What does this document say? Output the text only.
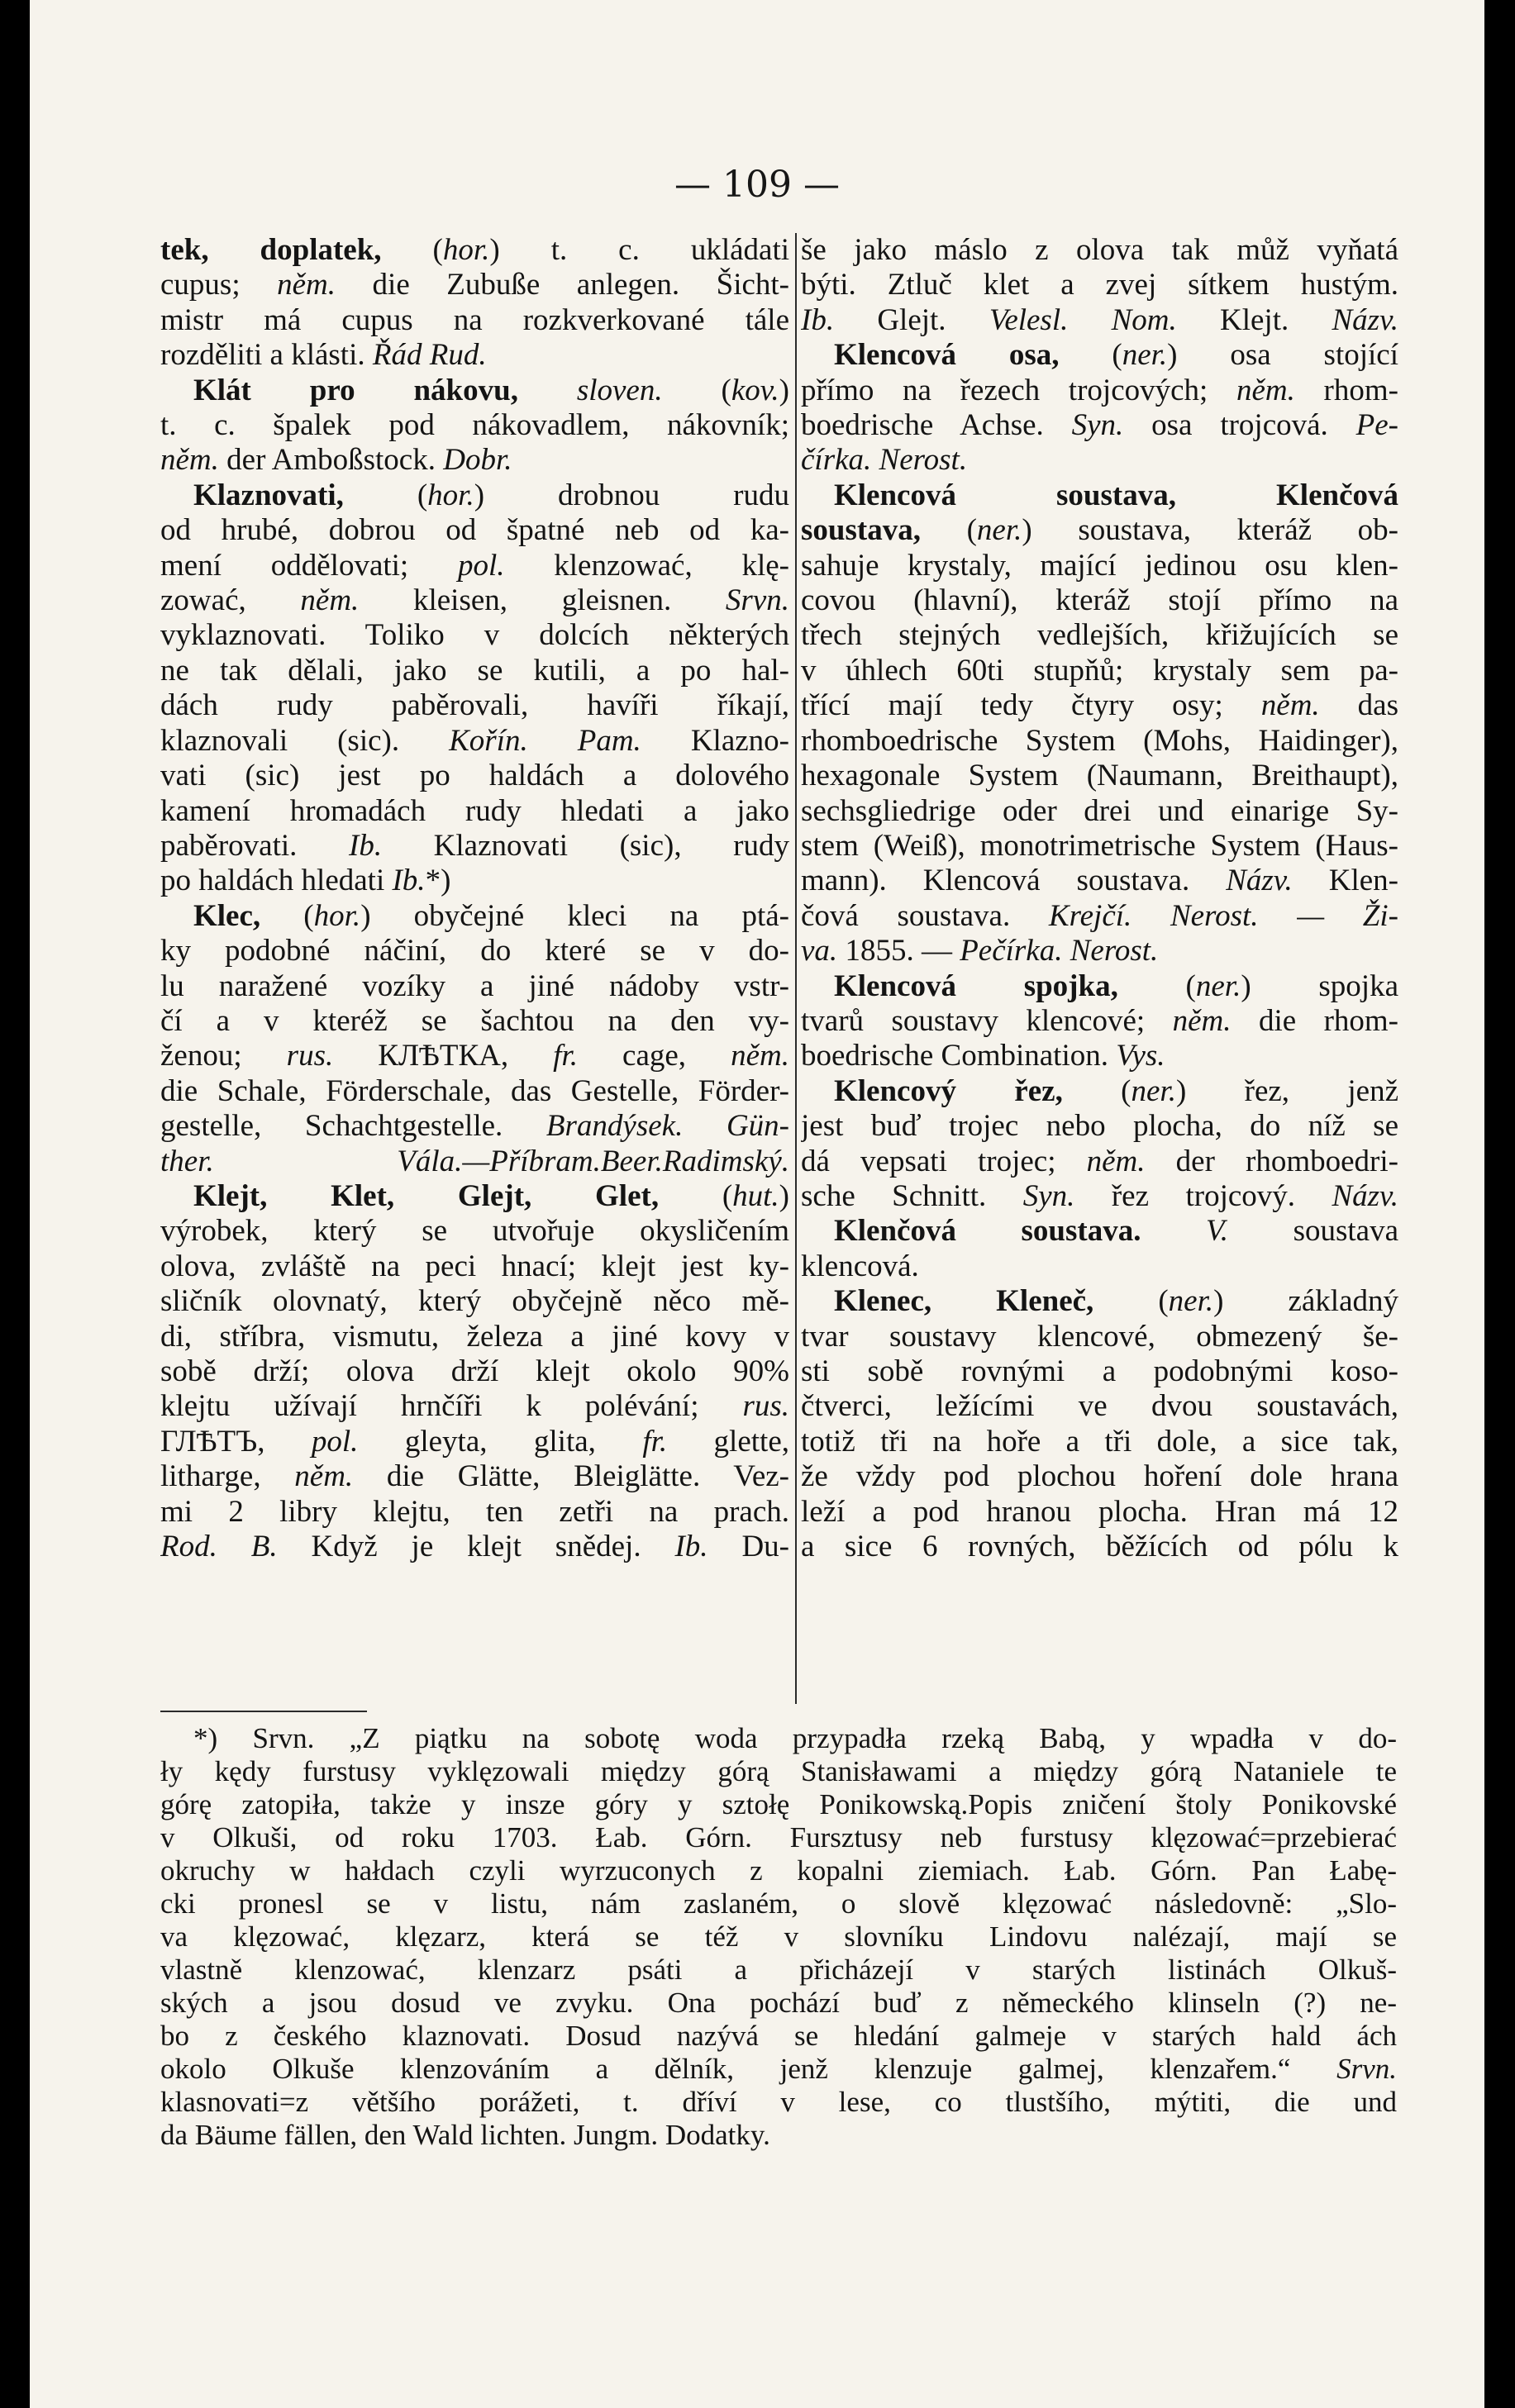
— 109 —
tek, doplatek, (hor.) t. c. ukládati
cupus; něm. die Zubuße anlegen. Šicht-
mistr má cupus na rozkverkované tále
rozděliti a klásti. Řád Rud.
Klát pro nákovu, sloven. (kov.)
t. c. špalek pod nákovadlem, nákovník;
něm. der Amboßstock. Dobr.
Klaznovati, (hor.) drobnou rudu
od hrubé, dobrou od špatné neb od ka-
mení oddělovati; pol. klenzować, klę-
zować, něm. kleisen, gleisnen. Srvn.
vyklaznovati. Toliko v dolcích některých
ne tak dělali, jako se kutili, a po hal-
dách rudy paběrovali, havíři říkají,
klaznovali (sic). Kořín. Pam. Klazno-
vati (sic) jest po haldách a dolového
kamení hromadách rudy hledati a jako
paběrovati. Ib. Klaznovati (sic), rudy
po haldách hledati Ib.*)
Klec, (hor.) obyčejné kleci na ptá-
ky podobné náčiní, do které se v do-
lu naražené vozíky a jiné nádoby vstr-
čí a v kteréž se šachtou na den vy-
ženou; rus. КЛѢТКА, fr. cage, něm.
die Schale, Förderschale, das Gestelle, Förder-
gestelle, Schachtgestelle. Brandýsek. Gün-
ther. Vála.—Příbram.Beer.Radimský.
Klejt, Klet, Glejt, Glet, (hut.)
výrobek, který se utvořuje okysličením
olova, zvláště na peci hnací; klejt jest ky-
sličník olovnatý, který obyčejně něco mě-
di, stříbra, vismutu, železa a jiné kovy v
sobě drží; olova drží klejt okolo 90%
klejtu užívají hrnčíři k polévání; rus.
ГЛѢТЪ, pol. gleyta, glita, fr. glette,
litharge, něm. die Glätte, Bleiglätte. Vez-
mi 2 libry klejtu, ten zetři na prach.
Rod. B. Když je klejt snědej. Ib. Du-
še jako máslo z olova tak můž vyňatá
býti. Ztluč klet a zvej sítkem hustým.
Ib. Glejt. Velesl. Nom. Klejt. Názv.
Klencová osa, (ner.) osa stojící
přímo na řezech trojcových; něm. rhom-
boedrische Achse. Syn. osa trojcová. Pe-
čírka. Nerost.
Klencová soustava, Klenčová
soustava, (ner.) soustava, kteráž ob-
sahuje krystaly, mající jedinou osu klen-
covou (hlavní), kteráž stojí přímo na
třech stejných vedlejších, křižujících se
v úhlech 60ti stupňů; krystaly sem pa-
třící mají tedy čtyry osy; něm. das
rhomboedrische System (Mohs, Haidinger),
hexagonale System (Naumann, Breithaupt),
sechsgliedrige oder drei und einarige Sy-
stem (Weiß), monotrimetrische System (Haus-
mann). Klencová soustava. Názv. Klen-
čová soustava. Krejčí. Nerost. — Ži-
va. 1855. — Pečírka. Nerost.
Klencová spojka, (ner.) spojka
tvarů soustavy klencové; něm. die rhom-
boedrische Combination. Vys.
Klencový řez, (ner.) řez, jenž
jest buď trojec nebo plocha, do níž se
dá vepsati trojec; něm. der rhomboedri-
sche Schnitt. Syn. řez trojcový. Názv.
Klenčová soustava. V. soustava
klencová.
Klenec, Kleneč, (ner.) základný
tvar soustavy klencové, obmezený še-
sti sobě rovnými a podobnými koso-
čtverci, ležícími ve dvou soustavách,
totiž tři na hoře a tři dole, a sice tak,
že vždy pod plochou hoření dole hrana
leží a pod hranou plocha. Hran má 12
a sice 6 rovných, běžících od pólu k
*) Srvn. „Z piątku na sobotę woda przypadła rzeką Babą, y wpadła v do-
ły kędy furstusy vyklęzowali między górą Stanisławami a między górą Nataniele te
górę zatopiła, także y insze góry y sztołę Ponikowską.Popis zničení štoly Ponikovské
v Olkuši, od roku 1703. Łab. Górn. Fursztusy neb furstusy klęzować=przebierać
okruchy w hałdach czyli wyrzuconych z kopalni ziemiach. Łab. Górn. Pan Łabę-
cki pronesl se v listu, nám zaslaném, o slově klęzować následovně: „Slo-
va klęzować, klęzarz, která se též v slovníku Lindovu nalézají, mají se
vlastně klenzować, klenzarz psáti a přicházejí v starých listinách Olkuš-
ských a jsou dosud ve zvyku. Ona pochází buď z německého klinseln (?) ne-
bo z českého klaznovati. Dosud nazývá se hledání galmeje v starých hald ách
okolo Olkuše klenzováním a dělník, jenž klenzuje galmej, klenzařem.“ Srvn.
klasnovati=z většího porážeti, t. dříví v lese, co tlustšího, mýtiti, die und
da Bäume fällen, den Wald lichten. Jungm. Dodatky.
